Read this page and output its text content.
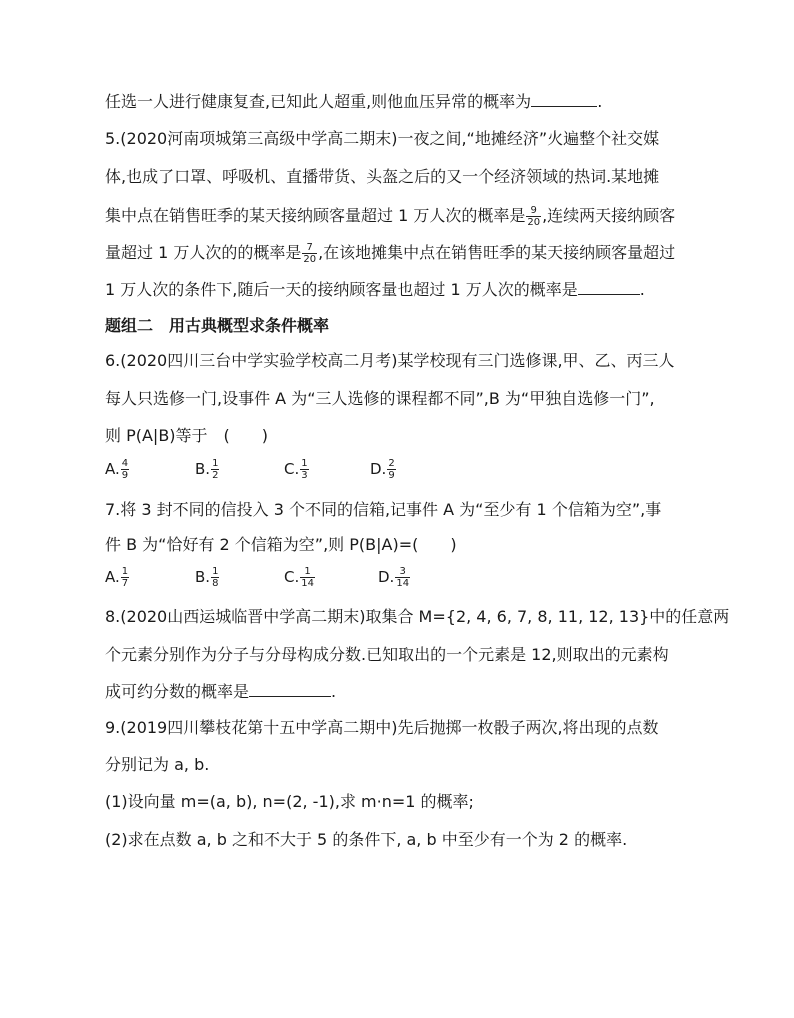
任选一人进行健康复查,已知此人超重,则他血压异常的概率为	.
5.(2020河南项城第三高级中学高二期末)一夜之间,“地摊经济”火遍整个社交媒
体,也成了口罩、呼吸机、直播带货、头盔之后的又一个经济领域的热词.某地摊
集中点在销售旺季的某天接纳顾客量超过 1 万人次的概率是 $\frac{9}{20}$ ,连续两天接纳顾客
量超过 1 万人次的的概率是 $\frac{7}{20}$ ,在该地摊集中点在销售旺季的某天接纳顾客量超过
1 万人次的条件下,随后一天的接纳顾客量也超过 1 万人次的概率是	.
题组二　用古典概型求条件概率
6.(2020四川三台中学实验学校高二月考)某学校现有三门选修课,甲、乙、丙三人
每人只选修一门,设事件 A 为“三人选修的课程都不同”,B 为“甲独自选修一门”,
则 P(A|B)等于　(　　)
A. $\frac{4}{9}$	B. $\frac{1}{2}$	C. $\frac{1}{3}$	D. $\frac{2}{9}$
7.将 3 封不同的信投入 3 个不同的信箱,记事件 A 为“至少有 1 个信箱为空”,事
件 B 为“恰好有 2 个信箱为空”,则 P(B|A)=(　　)
A. $\frac{1}{7}$	B. $\frac{1}{8}$	C. $\frac{1}{14}$	D. $\frac{3}{14}$
8.(2020山西运城临晋中学高二期末)取集合 M={2, 4, 6, 7, 8, 11, 12, 13}中的任意两
个元素分别作为分子与分母构成分数.已知取出的一个元素是 12,则取出的元素构
成可约分数的概率是	.
9.(2019四川攀枝花第十五中学高二期中)先后抛掷一枚骰子两次,将出现的点数
分别记为 a, b.
(1)设向量 m=(a, b), n=(2, -1),求 m·n=1 的概率;
(2)求在点数 a, b 之和不大于 5 的条件下, a, b 中至少有一个为 2 的概率.
